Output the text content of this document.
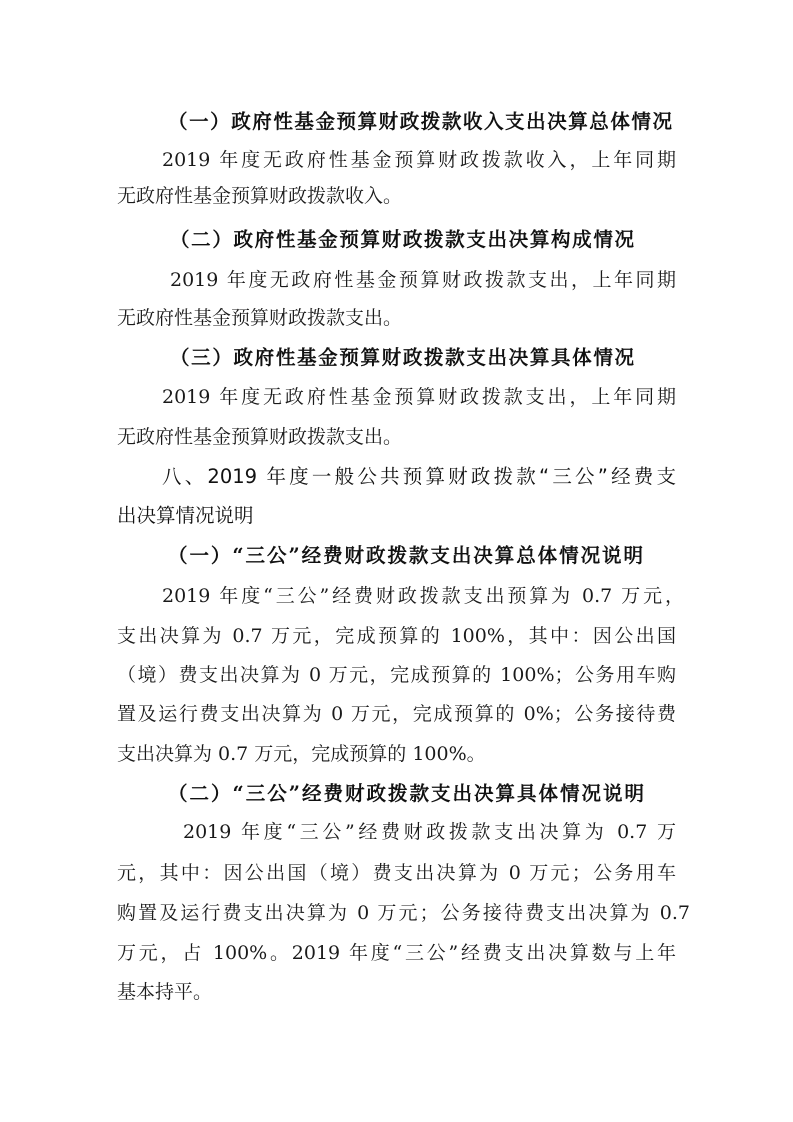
（一）政府性基金预算财政拨款收入支出决算总体情况
2019 年度无政府性基金预算财政拨款收入，上年同期
无政府性基金预算财政拨款收入。
（二）政府性基金预算财政拨款支出决算构成情况
2019 年度无政府性基金预算财政拨款支出，上年同期
无政府性基金预算财政拨款支出。
（三）政府性基金预算财政拨款支出决算具体情况
2019 年度无政府性基金预算财政拨款支出，上年同期
无政府性基金预算财政拨款支出。
八、2019 年度一般公共预算财政拨款“三公”经费支
出决算情况说明
（一）“三公”经费财政拨款支出决算总体情况说明
2019 年度“三公”经费财政拨款支出预算为 0.7 万元，
支出决算为 0.7 万元，完成预算的 100%，其中：因公出国
（境）费支出决算为 0 万元，完成预算的 100%；公务用车购
置及运行费支出决算为 0 万元，完成预算的 0%；公务接待费
支出决算为 0.7 万元，完成预算的 100%。
（二）“三公”经费财政拨款支出决算具体情况说明
2019 年度“三公”经费财政拨款支出决算为 0.7 万
元，其中：因公出国（境）费支出决算为 0 万元；公务用车
购置及运行费支出决算为 0 万元；公务接待费支出决算为 0.7
万元，占 100%。2019 年度“三公”经费支出决算数与上年
基本持平。
